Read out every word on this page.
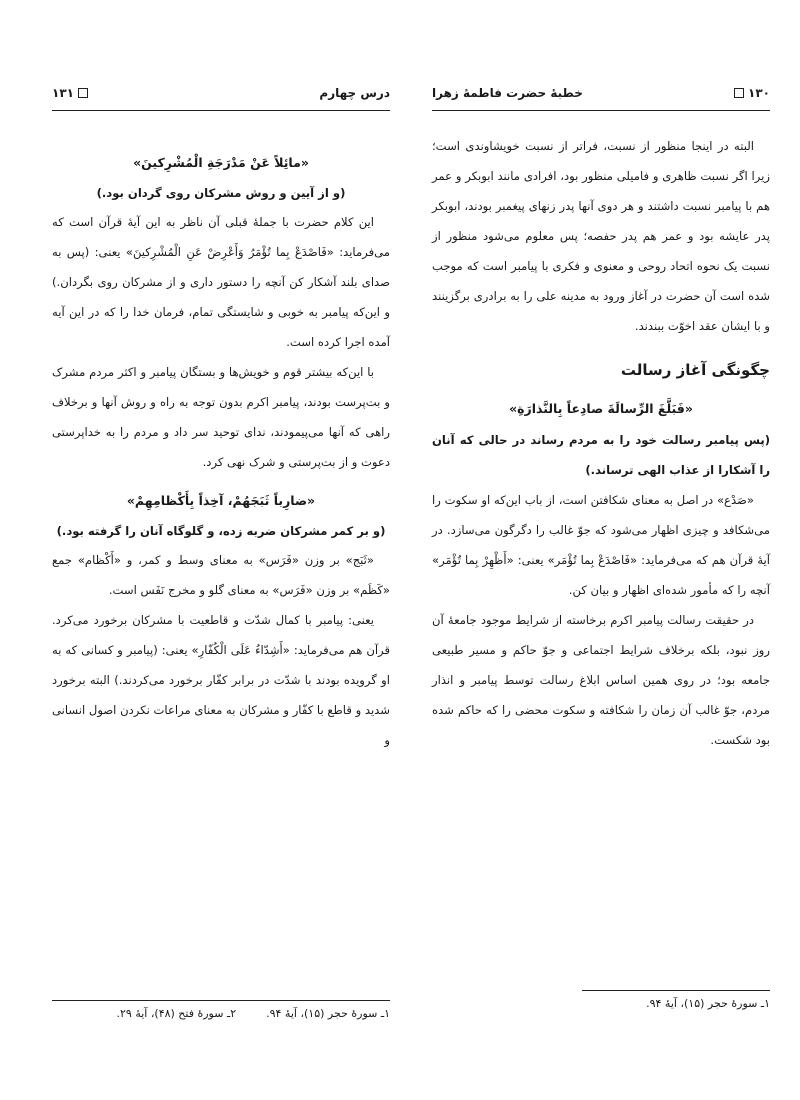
۱۳۰
خطبهٔ حضرت فاطمهٔ زهرا

البته در اینجا منظور از نسبت، فراتر از نسبت خویشاوندی است؛ زیرا اگر نسبت ظاهری و فامیلی منظور بود، افرادی مانند ابوبکر و عمر هم با پیامبر نسبت داشتند و هر دوی آنها پدر زنهای پیغمبر بودند، ابوبکر پدر عایشه بود و عمر هم پدر حفصه؛ پس معلوم می‌شود منظور از نسبت یک نحوه اتحاد روحی و معنوی و فکری با پیامبر است که موجب شده است آن حضرت در آغاز ورود به مدینه علی را به برادری برگزینند و با ایشان عقد اخوّت ببندند.

چگونگی آغاز رسالت
«فَبَلَّغَ الرِّسالَةَ صادِعاً بِالنَّذارَةِ»

(پس پیامبر رسالت خود را به مردم رساند در حالی که آنان را آشکارا از عذاب الهی ترساند.)

«صَدْع» در اصل به معنای شکافتن است، از باب این‌که او سکوت را می‌شکافد و چیزی اظهار می‌شود که جوّ غالب را دگرگون می‌سازد. در آیهٔ قرآن هم که می‌فرماید: «فَاصْدَعْ بِما تُؤْمَر» یعنی: «أَظْهِرْ بِما تُؤْمَر» آنچه را که مأمور شده‌ای اظهار و بیان کن.

در حقیقت رسالت پیامبر اکرم برخاسته از شرایط موجود جامعهٔ آن روز نبود، بلکه برخلاف شرایط اجتماعی و جوّ حاکم و مسیر طبیعی جامعه بود؛ در روی همین اساس ابلاغ رسالت توسط پیامبر و انذار مردم، جوّ غالب آن زمان را شکافته و سکوت محضی را که حاکم شده بود شکست.

۱ـ سورهٔ حجر (۱۵)، آیهٔ ۹۴.
درس چهارم
۱۳۱
«مائِلاً عَنْ مَدْرَجَةِ الْمُشْرِکینَ»
(و از آیین و روش مشرکان روی گردان بود.)

این کلام حضرت با جملهٔ قبلی آن ناظر به این آیهٔ قرآن است که می‌فرماید: «فَاصْدَعْ بِما تُؤْمَرُ وَأَعْرِضْ عَنِ الْمُشْرِکینَ» یعنی: (پس به صدای بلند آشکار کن آنچه را دستور داری و از مشرکان روی بگردان.) و این‌که پیامبر به خوبی و شایستگی تمام، فرمان خدا را که در این آیه آمده اجرا کرده است.

با این‌که بیشتر قوم و خویش‌ها و بستگان پیامبر و اکثر مردم مشرک و بت‌پرست بودند، پیامبر اکرم بدون توجه به راه و روش آنها و برخلاف راهی که آنها می‌پیمودند، ندای توحید سر داد و مردم را به خداپرستی دعوت و از بت‌پرستی و شرک نهی کرد.

«ضارِباً ثَبَجَهُمْ، آخِذاً بِأَكْظامِهِمْ»
(و بر کمر مشرکان ضربه زده، و گلوگاه آنان را گرفته بود.)

«ثَبَج» بر وزن «فَرَس» به معنای وسط و کمر، و «أَكْظام» جمع «كَظَم» بر وزن «فَرَس» به معنای گلو و مخرج نَفَس است.

یعنی: پیامبر با کمال شدّت و قاطعیت با مشرکان برخورد می‌کرد. قرآن هم می‌فرماید: «أَشِدّاءُ عَلَى الْكُفّارِ» یعنی: (پیامبر و کسانی که به او گرویده بودند با شدّت در برابر کفّار برخورد می‌کردند.) البته برخورد شدید و قاطع با کفّار و مشرکان به معنای مراعات نکردن اصول انسانی و

۱ـ سورهٔ حجر (۱۵)، آیهٔ ۹۴.
۲ـ سورهٔ فتح (۴۸)، آیهٔ ۲۹.
